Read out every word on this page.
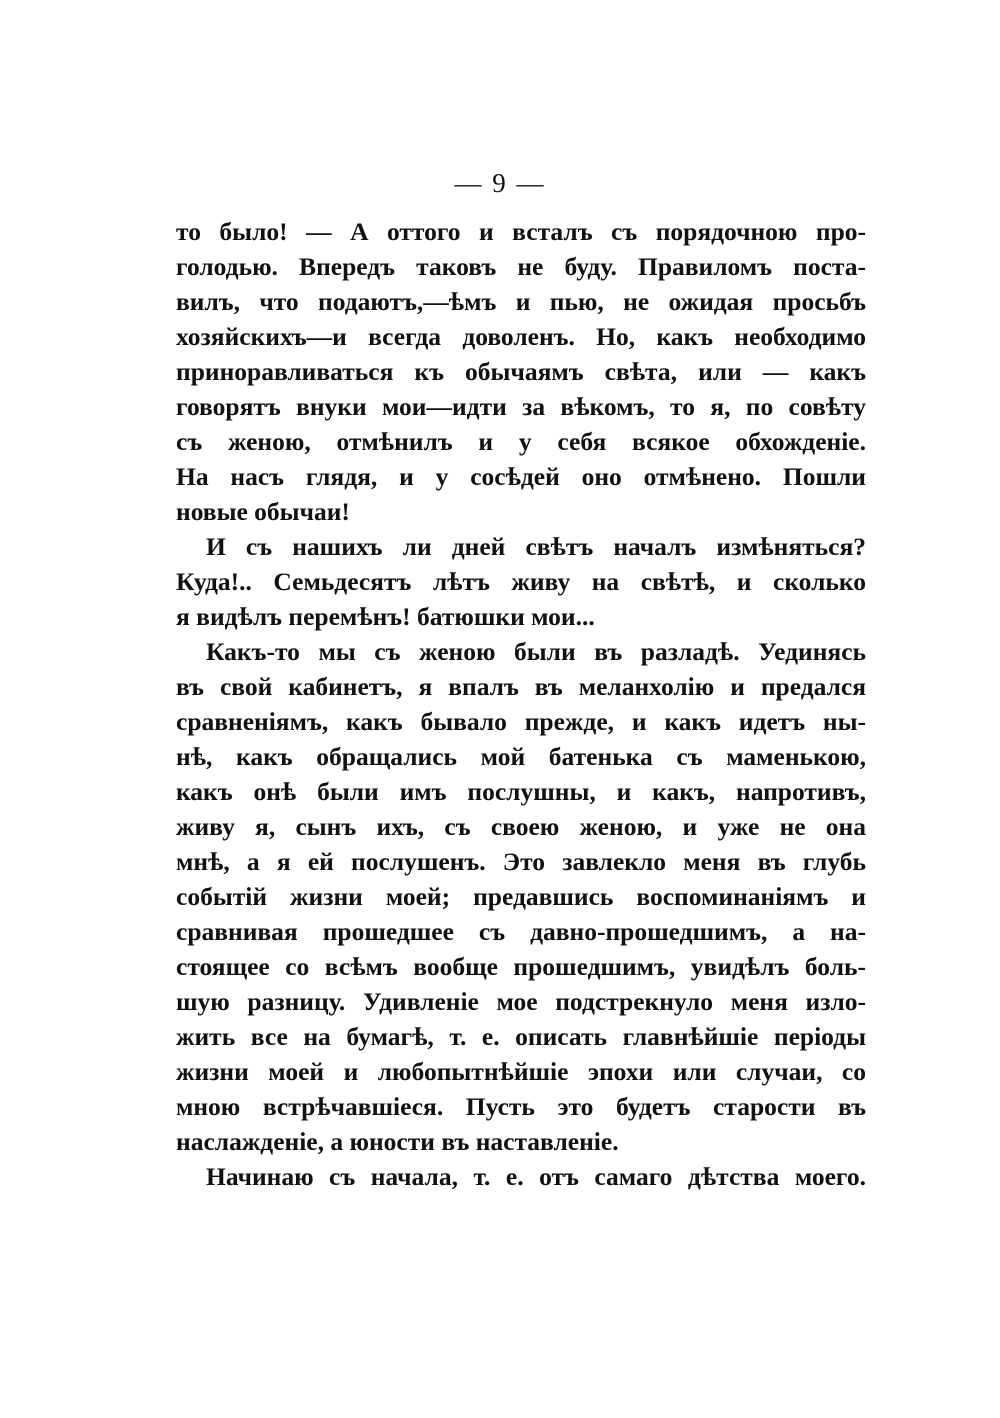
— 9 —
то было! — А оттого и всталъ съ порядочною про-
голодью. Впередъ таковъ не буду. Правиломъ поста-
вилъ, что подаютъ,—ѣмъ и пью, не ожидая просьбъ
хозяйскихъ—и всегда доволенъ. Но, какъ необходимо
приноравливаться къ обычаямъ свѣта, или — какъ
говорятъ внуки мои—идти за вѣкомъ, то я, по совѣту
съ женою, отмѣнилъ и у себя всякое обхожденіе.
На насъ глядя, и у сосѣдей оно отмѣнено. Пошли
новые обычаи!
И съ нашихъ ли дней свѣтъ началъ измѣняться?
Куда!.. Семьдесятъ лѣтъ живу на свѣтѣ, и сколько
я видѣлъ перемѣнъ! батюшки мои...
Какъ-то мы съ женою были въ разладѣ. Уединясь
въ свой кабинетъ, я впалъ въ меланхолію и предался
сравненіямъ, какъ бывало прежде, и какъ идетъ ны-
нѣ, какъ обращались мой батенька съ маменькою,
какъ онѣ были имъ послушны, и какъ, напротивъ,
живу я, сынъ ихъ, съ своею женою, и уже не она
мнѣ, а я ей послушенъ. Это завлекло меня въ глубь
событій жизни моей; предавшись воспоминаніямъ и
сравнивая прошедшее съ давно-прошедшимъ, а на-
стоящее со всѣмъ вообще прошедшимъ, увидѣлъ боль-
шую разницу. Удивленіе мое подстрекнуло меня изло-
жить все на бумагѣ, т. е. описать главнѣйшіе періоды
жизни моей и любопытнѣйшіе эпохи или случаи, со
мною встрѣчавшіеся. Пусть это будетъ старости въ
наслажденіе, а юности въ наставленіе.
Начинаю съ начала, т. е. отъ самаго дѣтства моего.
